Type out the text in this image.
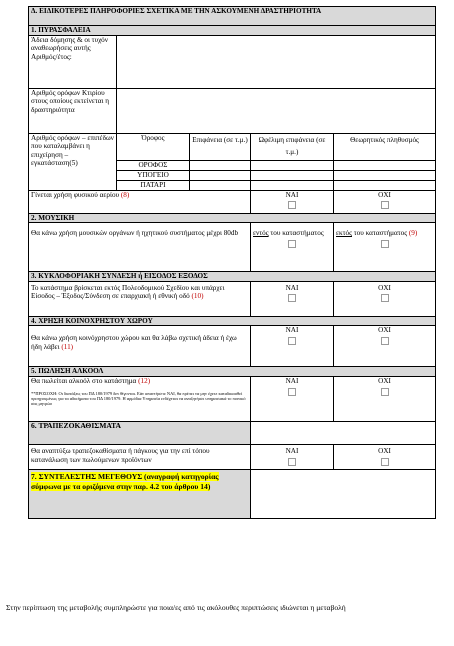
Δ. ΕΙΔΙΚΟΤΕΡΕΣ ΠΛΗΡΟΦΟΡΙΕΣ ΣΧΕΤΙΚΑ ΜΕ ΤΗΝ ΑΣΚΟΥΜΕΝΗ ΔΡΑΣΤΗΡΙΟΤΗΤΑ				
1. ΠΥΡΑΣΦΑΛΕΙΑ				
Άδεια δόμησης & οι τυχόν αναθεωρήσεις αυτής Αριθμός/έτος:				
Αριθμός ορόφων Κτιρίου στους οποίους εκτείνεται η δραστηριότητα				
Αριθμός ορόφων – επιπέδων που καταλαμβάνει η επιχείρηση – εγκατάσταση(5)	Όροφος	Επιφάνεια (σε τ.μ.)	Ωφέλιμη επιφάνεια (σε τ.μ.)	Θεωρητικός πληθυσμός
	ΟΡΟΦΟΣ			
	ΥΠΟΓΕΙΟ			
	ΠΑΤΑΡΙ			
Γίνεται χρήση φυσικού αερίου (8)			ΝΑΙ	ΟΧΙ

2. ΜΟΥΣΙΚΗ				
Θα κάνω χρήση μουσικών οργάνων ή ηχητικού συστήματος μέχρι 80db			εντός του καταστήματος	εκτός του καταστήματος (9)

3. ΚΥΚΛΟΦΟΡΙΑΚΗ ΣΥΝΔΕΣΗ ή ΕΙΣΟΔΟΣ ΕΞΟΔΟΣ				
Το κατάστημα βρίσκεται εκτός Πολεοδομικού Σχεδίου και υπάρχει Είσοδος – Έξοδος/Σύνδεση σε επαρχιακή ή εθνική οδό (10)			ΝΑΙ	ΟΧΙ

4. ΧΡΗΣΗ ΚΟΙΝΟΧΡΗΣΤΟΥ ΧΩΡΟΥ				
Θα κάνω χρήση κοινόχρηστου χώρου και θα λάβω σχετική άδεια ή έχω ήδη λάβει (11)			ΝΑΙ	ΟΧΙ

5. ΠΩΛΗΣΗ ΑΛΚΟΟΛ				
Θα πωλείται αλκοόλ στο κατάστημα (12)
**ΠΡΟΣΟΧΗ: Οι διατάξεις του ΠΔ 180/1979 δεν θίγονται. Εάν απαντήσετε ΝΑΙ, θα πρέπει να μην έχετε καταδικασθεί προηγουμένως για τα αδικήματα του ΠΔ 180/1979. Η αρμόδια Υπηρεσία ενδέχεται να αναζητήσει υπηρεσιακά το ποινικό σας μητρώο			ΝΑΙ	ΟΧΙ

6. ΤΡΑΠΕΖΟΚΑΘΙΣΜΑΤΑ				
Θα αναπτύξω τραπεζοκαθίσματα ή πάγκους για την επί τόπου κατανάλωση των πωλούμενων προϊόντων			ΝΑΙ	ΟΧΙ

7. ΣΥΝΤΕΛΕΣΤΗΣ ΜΕΓΕΘΟΥΣ (αναγραφή κατηγορίας σύμφωνα με τα οριζόμενα στην παρ. 4.2 του άρθρου 14)				
Στην περίπτωση της μεταβολής συμπληρώστε για ποια/ες από τις ακόλουθες περιπτώσεις ιδιώνεται η μεταβολή
